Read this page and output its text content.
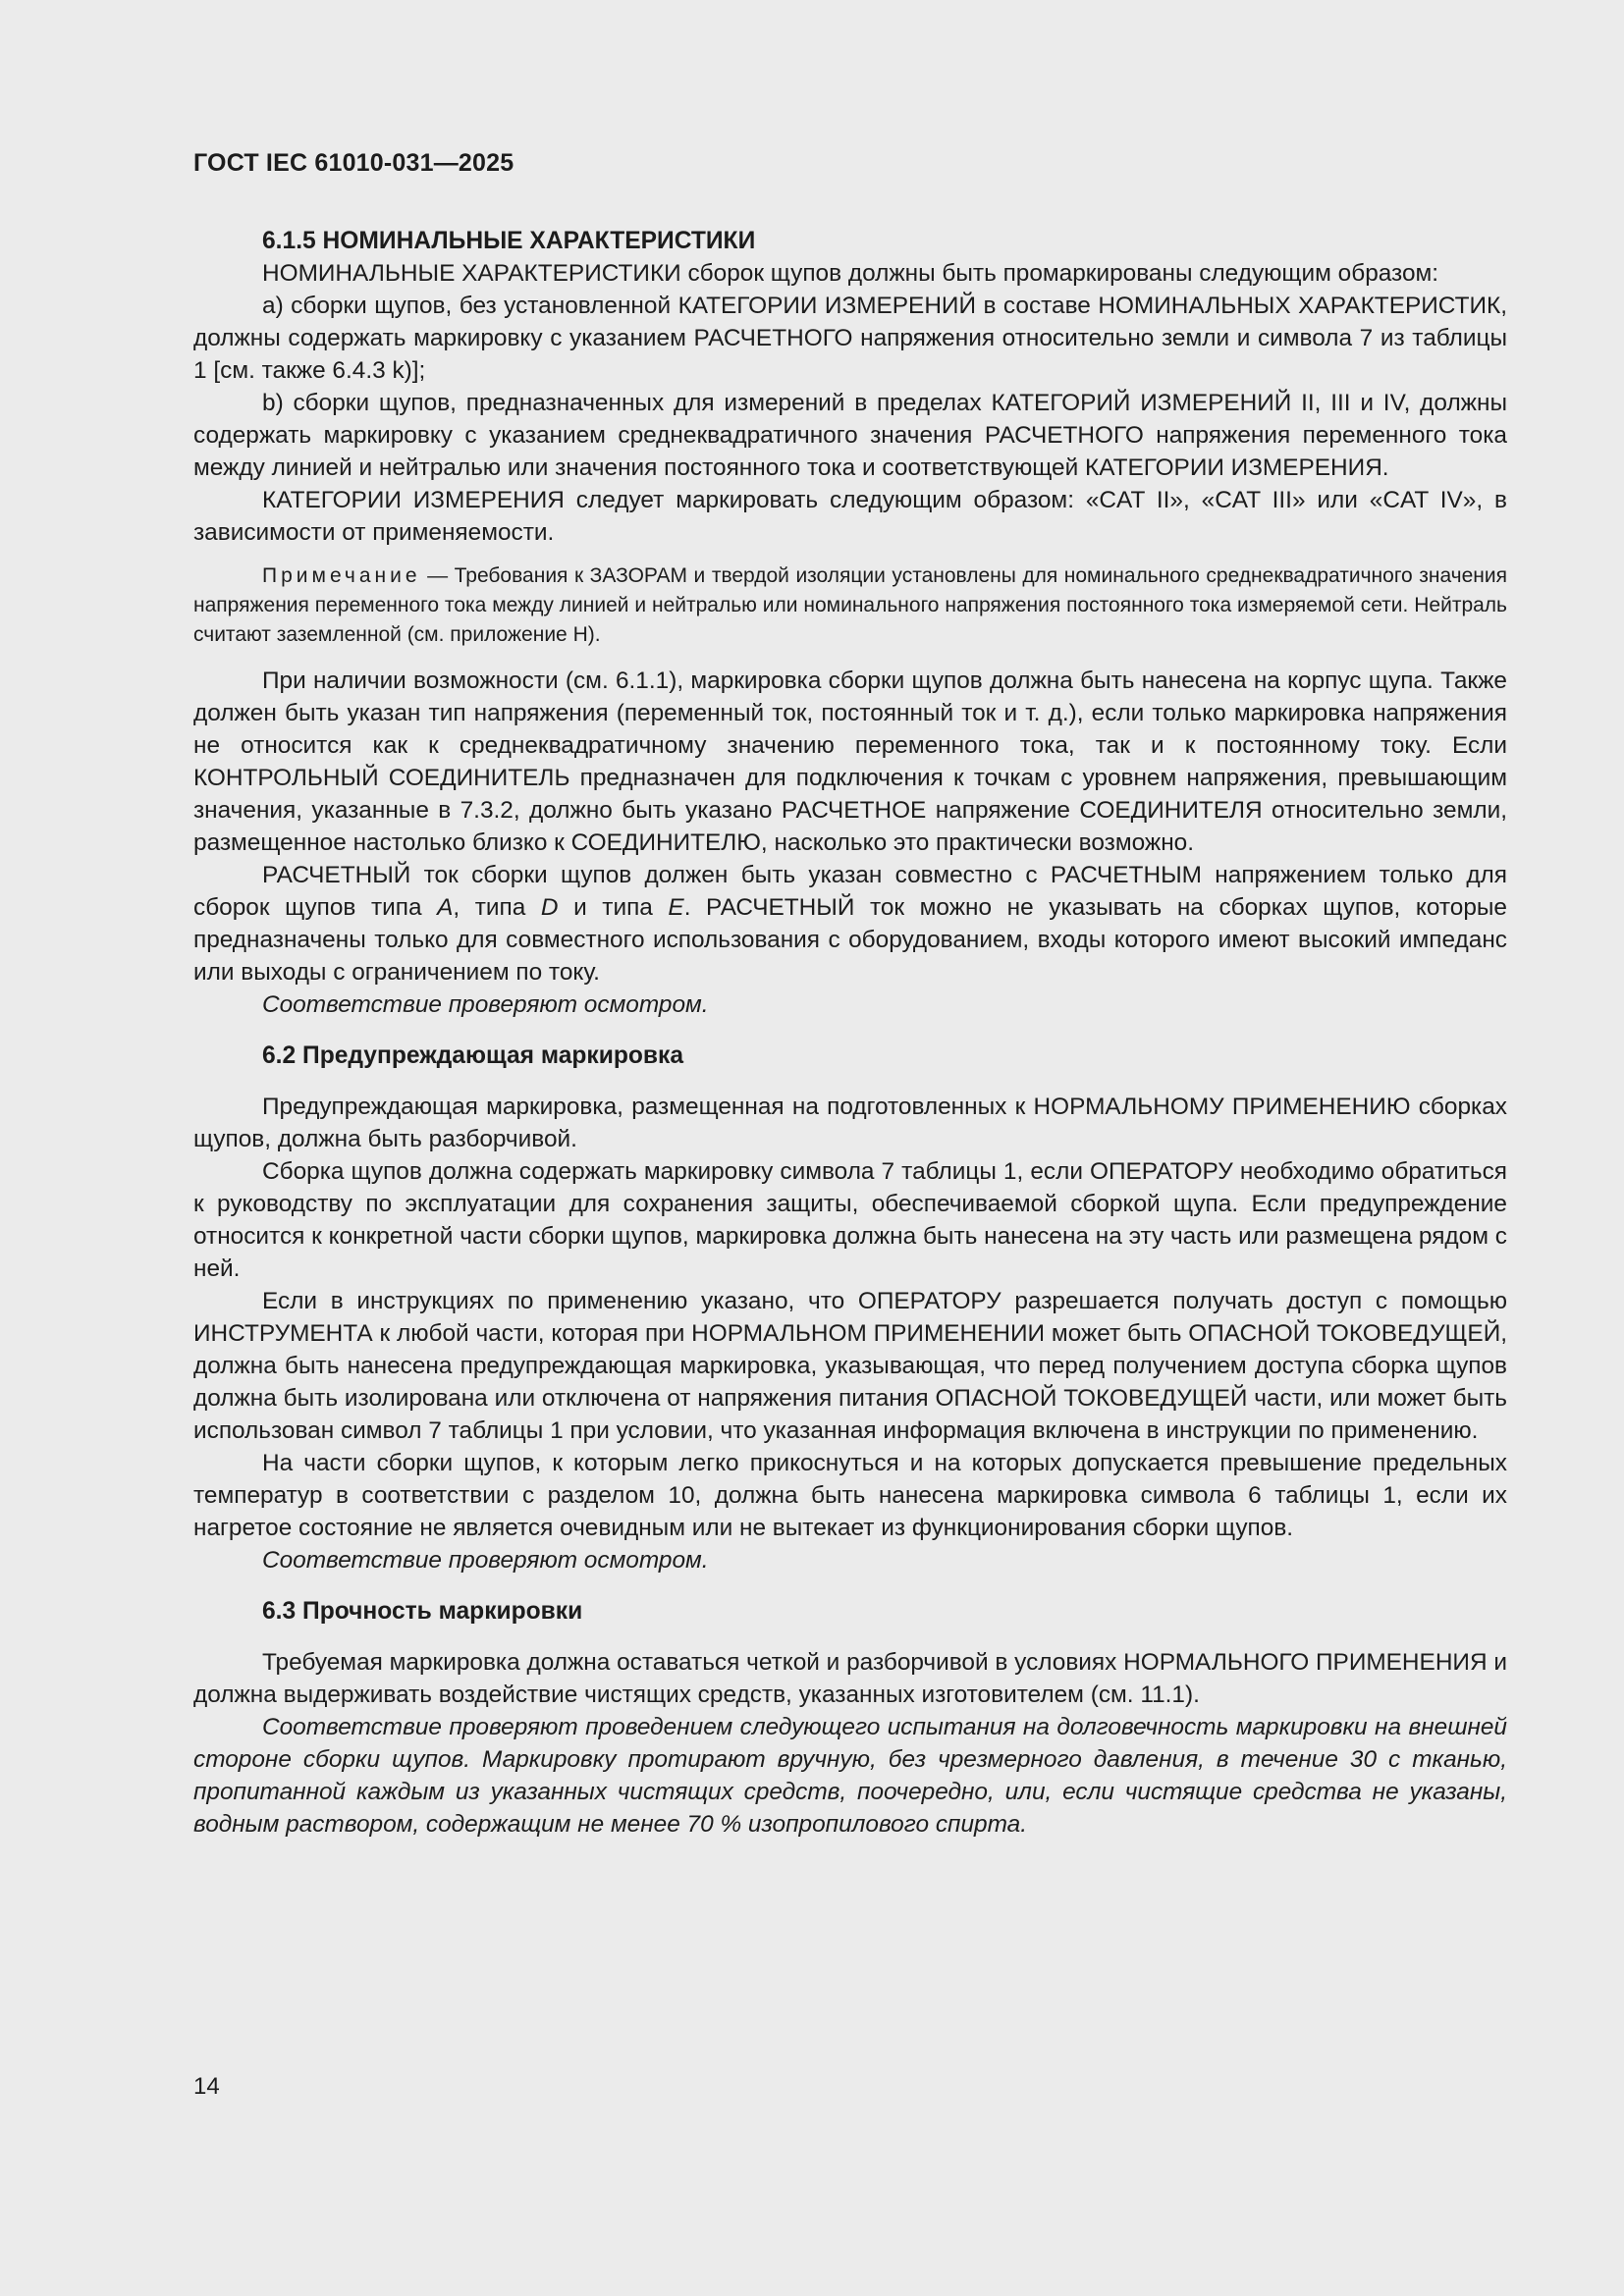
ГОСТ IEC 61010-031—2025
6.1.5 НОМИНАЛЬНЫЕ ХАРАКТЕРИСТИКИ

НОМИНАЛЬНЫЕ ХАРАКТЕРИСТИКИ сборок щупов должны быть промаркированы следующим образом:

a) сборки щупов, без установленной КАТЕГОРИИ ИЗМЕРЕНИЙ в составе НОМИНАЛЬНЫХ ХАРАКТЕРИСТИК, должны содержать маркировку с указанием РАСЧЕТНОГО напряжения относительно земли и символа 7 из таблицы 1 [см. также 6.4.3 k)];

b) сборки щупов, предназначенных для измерений в пределах КАТЕГОРИЙ ИЗМЕРЕНИЙ II, III и IV, должны содержать маркировку с указанием среднеквадратичного значения РАСЧЕТНОГО напряжения переменного тока между линией и нейтралью или значения постоянного тока и соответствующей КАТЕГОРИИ ИЗМЕРЕНИЯ.

КАТЕГОРИИ ИЗМЕРЕНИЯ следует маркировать следующим образом: «CAT II», «CAT III» или «CAT IV», в зависимости от применяемости.

Примечание — Требования к ЗАЗОРАМ и твердой изоляции установлены для номинального среднеквадратичного значения напряжения переменного тока между линией и нейтралью или номинального напряжения постоянного тока измеряемой сети. Нейтраль считают заземленной (см. приложение H).

При наличии возможности (см. 6.1.1), маркировка сборки щупов должна быть нанесена на корпус щупа. Также должен быть указан тип напряжения (переменный ток, постоянный ток и т. д.), если только маркировка напряжения не относится как к среднеквадратичному значению переменного тока, так и к постоянному току. Если КОНТРОЛЬНЫЙ СОЕДИНИТЕЛЬ предназначен для подключения к точкам с уровнем напряжения, превышающим значения, указанные в 7.3.2, должно быть указано РАСЧЕТНОЕ напряжение СОЕДИНИТЕЛЯ относительно земли, размещенное настолько близко к СОЕДИНИТЕЛЮ, насколько это практически возможно.

РАСЧЕТНЫЙ ток сборки щупов должен быть указан совместно с РАСЧЕТНЫМ напряжением только для сборок щупов типа A, типа D и типа E. РАСЧЕТНЫЙ ток можно не указывать на сборках щупов, которые предназначены только для совместного использования с оборудованием, входы которого имеют высокий импеданс или выходы с ограничением по току.

Соответствие проверяют осмотром.

6.2 Предупреждающая маркировка

Предупреждающая маркировка, размещенная на подготовленных к НОРМАЛЬНОМУ ПРИМЕНЕНИЮ сборках щупов, должна быть разборчивой.

Сборка щупов должна содержать маркировку символа 7 таблицы 1, если ОПЕРАТОРУ необходимо обратиться к руководству по эксплуатации для сохранения защиты, обеспечиваемой сборкой щупа. Если предупреждение относится к конкретной части сборки щупов, маркировка должна быть нанесена на эту часть или размещена рядом с ней.

Если в инструкциях по применению указано, что ОПЕРАТОРУ разрешается получать доступ с помощью ИНСТРУМЕНТА к любой части, которая при НОРМАЛЬНОМ ПРИМЕНЕНИИ может быть ОПАСНОЙ ТОКОВЕДУЩЕЙ, должна быть нанесена предупреждающая маркировка, указывающая, что перед получением доступа сборка щупов должна быть изолирована или отключена от напряжения питания ОПАСНОЙ ТОКОВЕДУЩЕЙ части, или может быть использован символ 7 таблицы 1 при условии, что указанная информация включена в инструкции по применению.

На части сборки щупов, к которым легко прикоснуться и на которых допускается превышение предельных температур в соответствии с разделом 10, должна быть нанесена маркировка символа 6 таблицы 1, если их нагретое состояние не является очевидным или не вытекает из функционирования сборки щупов.

Соответствие проверяют осмотром.

6.3 Прочность маркировки

Требуемая маркировка должна оставаться четкой и разборчивой в условиях НОРМАЛЬНОГО ПРИМЕНЕНИЯ и должна выдерживать воздействие чистящих средств, указанных изготовителем (см. 11.1).

Соответствие проверяют проведением следующего испытания на долговечность маркировки на внешней стороне сборки щупов. Маркировку протирают вручную, без чрезмерного давления, в течение 30 с тканью, пропитанной каждым из указанных чистящих средств, поочередно, или, если чистящие средства не указаны, водным раствором, содержащим не менее 70 % изопропилового спирта.

14
